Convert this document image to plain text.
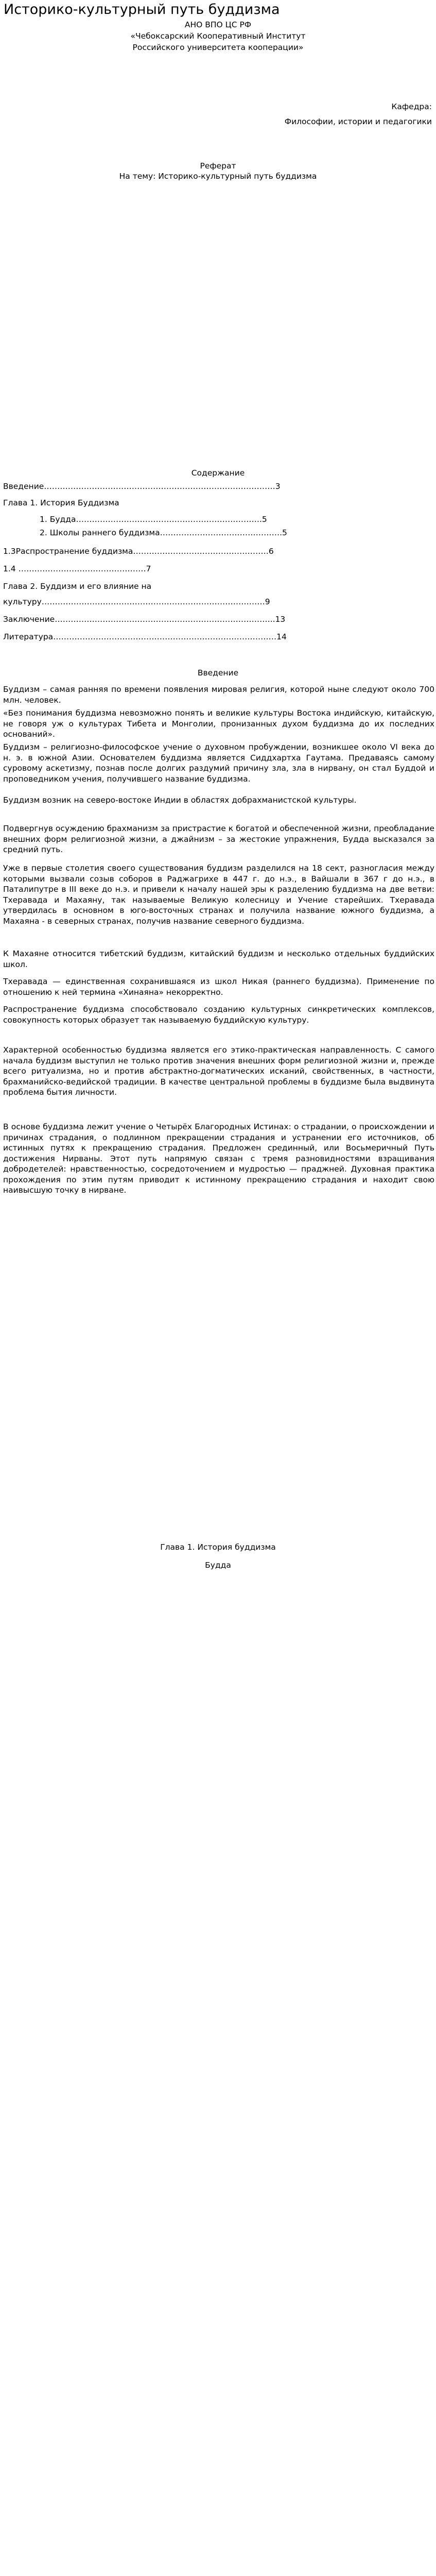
Историко-культурный путь буддизма
АНО ВПО ЦС РФ
«Чебоксарский Кооперативный Институт
Российского университета кооперации»
Кафедра:
Философии, истории и педагогики
Реферат
На тему: Историко-культурный путь буддизма
Содержание
Введение……………………………………………………………………………3
Глава 1. История Буддизма
1. Будда…………………………………………………………….5
2. Школы раннего буддизма……………………………………….5
1.3Распространение буддизма……………………………………………6
1.4 …………………………………………7
Глава 2. Буддизм и его влияние на
культуру…………………………………………………………………………9
Заключение………………………………………………………………………..13
Литература…………………………………………………………………………14
Введение
Буддизм – самая ранняя по времени появления мировая религия, которой ныне следуют около 700 млн. человек.
«Без понимания буддизма невозможно понять и великие культуры Востока индийскую, китайскую, не говоря уж о культурах Тибета и Монголии, пронизанных духом буддизма до их последних оснований».
Буддизм – религиозно-философское учение о духовном пробуждении, возникшее около VI века до н. э. в южной Азии. Основателем буддизма является Сиддхартха Гаутама. Предаваясь самому суровому аскетизму, познав после долгих раздумий причину зла, зла в нирвану, он стал Буддой и проповедником учения, получившего название буддизма.
Буддизм возник на северо-востоке Индии в областях добрахманистской культуры.
Подвергнув осуждению брахманизм за пристрастие к богатой и обеспеченной жизни, преобладание внешних форм религиозной жизни, а джайнизм – за жестокие упражнения, Будда высказался за средний путь.
Уже в первые столетия своего существования буддизм разделился на 18 сект, разногласия между которыми вызвали созыв соборов в Раджагрихе в 447 г. до н.э., в Вайшали в 367 г до н.э., в Паталипутре в III веке до н.э. и привели к началу нашей эры к разделению буддизма на две ветви: Тхеравада и Махаяну, так называемые Великую колесницу и Учение старейших. Тхеравада утвердилась в основном в юго-восточных странах и получила название южного буддизма, а Махаяна - в северных странах, получив название северного буддизма.
К Махаяне относится тибетский буддизм, китайский буддизм и несколько отдельных буддийских школ.
Тхеравада — единственная сохранившаяся из школ Никая (раннего буддизма). Применение по отношению к ней термина «Хинаяна» некорректно.
Распространение буддизма способствовало созданию культурных синкретических комплексов, совокупность которых образует так называемую буддийскую культуру.
Характерной особенностью буддизма является его этико-практическая направленность. С самого начала буддизм выступил не только против значения внешних форм религиозной жизни и, прежде всего ритуализма, но и против абстрактно-догматических исканий, свойственных, в частности, брахманийско-ведийской традиции. В качестве центральной проблемы в буддизме была выдвинута проблема бытия личности.
В основе буддизма лежит учение о Четырёх Благородных Истинах: о страдании, о происхождении и причинах страдания, о подлинном прекращении страдания и устранении его источников, об истинных путях к прекращению страдания. Предложен срединный, или Восьмеричный Путь достижения Нирваны. Этот путь напрямую связан с тремя разновидностями взращивания добродетелей: нравственностью, сосредоточением и мудростью — праджней. Духовная практика прохождения по этим путям приводит к истинному прекращению страдания и находит свою наивысшую точку в нирване.
Глава 1. История буддизма
Будда
